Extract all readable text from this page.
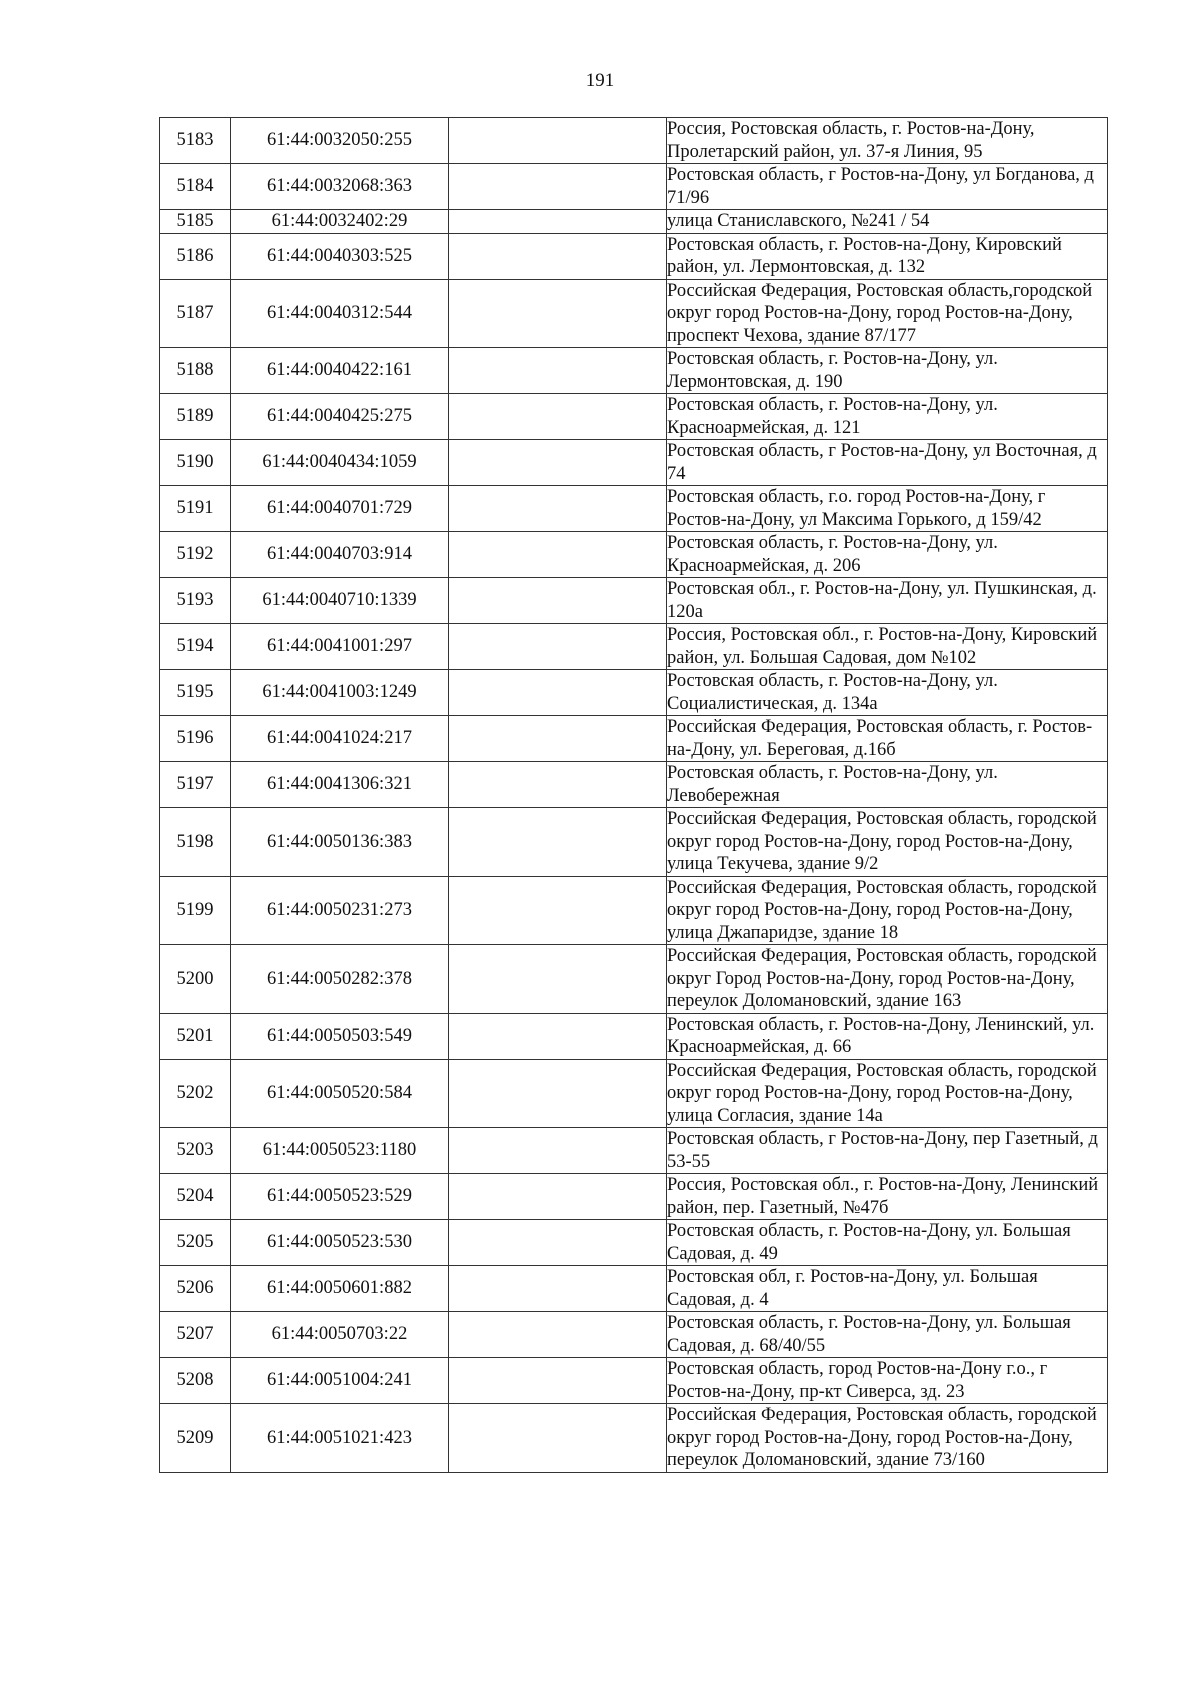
191
5183	61:44:0032050:255		Россия, Ростовская область, г. Ростов-на-Дону, Пролетарский район, ул. 37-я Линия, 95
5184	61:44:0032068:363		Ростовская область, г Ростов-на-Дону, ул Богданова, д 71/96
5185	61:44:0032402:29		улица Станиславского, №241 / 54
5186	61:44:0040303:525		Ростовская область, г. Ростов-на-Дону, Кировский район, ул. Лермонтовская, д. 132
5187	61:44:0040312:544		Российская Федерация, Ростовская область,городской округ город Ростов-на-Дону, город Ростов-на-Дону, проспект Чехова, здание 87/177
5188	61:44:0040422:161		Ростовская область, г. Ростов-на-Дону, ул. Лермонтовская, д. 190
5189	61:44:0040425:275		Ростовская область, г. Ростов-на-Дону, ул. Красноармейская, д. 121
5190	61:44:0040434:1059		Ростовская область, г Ростов-на-Дону, ул Восточная, д 74
5191	61:44:0040701:729		Ростовская область, г.о. город Ростов-на-Дону, г Ростов-на-Дону, ул Максима Горького, д 159/42
5192	61:44:0040703:914		Ростовская область, г. Ростов-на-Дону, ул. Красноармейская, д. 206
5193	61:44:0040710:1339		Ростовская обл., г. Ростов-на-Дону, ул. Пушкинская, д. 120а
5194	61:44:0041001:297		Россия, Ростовская обл., г. Ростов-на-Дону, Кировский район, ул. Большая Садовая, дом №102
5195	61:44:0041003:1249		Ростовская область, г. Ростов-на-Дону, ул. Социалистическая, д. 134а
5196	61:44:0041024:217		Российская Федерация, Ростовская область, г. Ростов-на-Дону, ул. Береговая, д.16б
5197	61:44:0041306:321		Ростовская область, г. Ростов-на-Дону, ул. Левобережная
5198	61:44:0050136:383		Российская Федерация, Ростовская область, городской округ город Ростов-на-Дону, город Ростов-на-Дону, улица Текучева, здание 9/2
5199	61:44:0050231:273		Российская Федерация, Ростовская область, городской округ город Ростов-на-Дону, город Ростов-на-Дону, улица Джапаридзе, здание 18
5200	61:44:0050282:378		Российская Федерация, Ростовская область, городской округ Город Ростов-на-Дону, город Ростов-на-Дону, переулок Доломановский, здание 163
5201	61:44:0050503:549		Ростовская область, г. Ростов-на-Дону, Ленинский, ул. Красноармейская, д. 66
5202	61:44:0050520:584		Российская Федерация, Ростовская область, городской округ город Ростов-на-Дону, город Ростов-на-Дону, улица Согласия, здание 14а
5203	61:44:0050523:1180		Ростовская область, г Ростов-на-Дону, пер Газетный, д 53-55
5204	61:44:0050523:529		Россия, Ростовская обл., г. Ростов-на-Дону, Ленинский район, пер. Газетный, №47б
5205	61:44:0050523:530		Ростовская область, г. Ростов-на-Дону, ул. Большая Садовая, д. 49
5206	61:44:0050601:882		Ростовская обл, г. Ростов-на-Дону, ул. Большая Садовая, д. 4
5207	61:44:0050703:22		Ростовская область, г. Ростов-на-Дону, ул. Большая Садовая, д. 68/40/55
5208	61:44:0051004:241		Ростовская область, город Ростов-на-Дону г.о., г Ростов-на-Дону, пр-кт Сиверса, зд. 23
5209	61:44:0051021:423		Российская Федерация, Ростовская область, городской округ город Ростов-на-Дону, город Ростов-на-Дону, переулок Доломановский, здание 73/160
